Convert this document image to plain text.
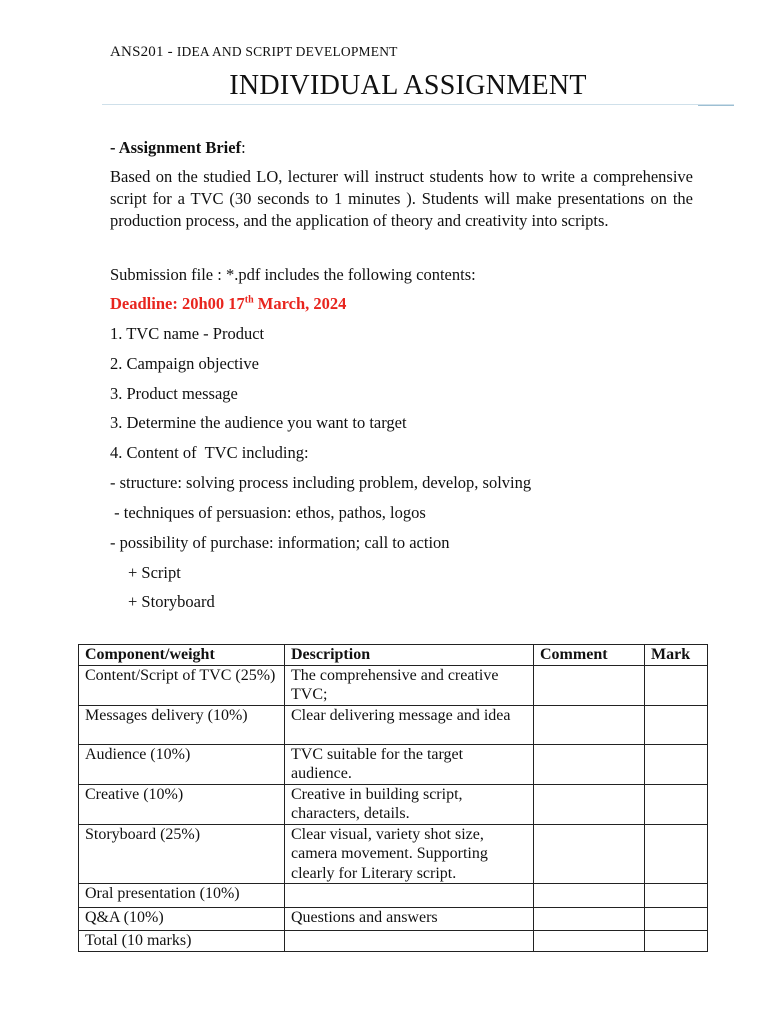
ANS201 - IDEA AND SCRIPT DEVELOPMENT
INDIVIDUAL ASSIGNMENT
- Assignment Brief:
Based on the studied LO, lecturer will instruct students how to write a comprehensive script for a TVC (30 seconds to 1 minutes ). Students will make presentations on the production process, and the application of theory and creativity into scripts.
Submission file : *.pdf includes the following contents:
Deadline: 20h00 17th March, 2024
1. TVC name - Product
2. Campaign objective
3. Product message
3. Determine the audience you want to target
4. Content of  TVC including:
- structure: solving process including problem, develop, solving
- techniques of persuasion: ethos, pathos, logos
- possibility of purchase: information; call to action
+ Script
+ Storyboard
Component/weight	Description	Comment	Mark
Content/Script of TVC (25%)	The comprehensive and creative TVC;		
Messages delivery (10%)	Clear delivering message and idea		
Audience (10%)	TVC suitable for the target audience.		
Creative (10%)	Creative in building script, characters, details.		
Storyboard (25%)	Clear visual, variety shot size, camera movement. Supporting clearly for Literary script.		
Oral presentation (10%)			
Q&A (10%)	Questions and answers		
Total (10 marks)			
